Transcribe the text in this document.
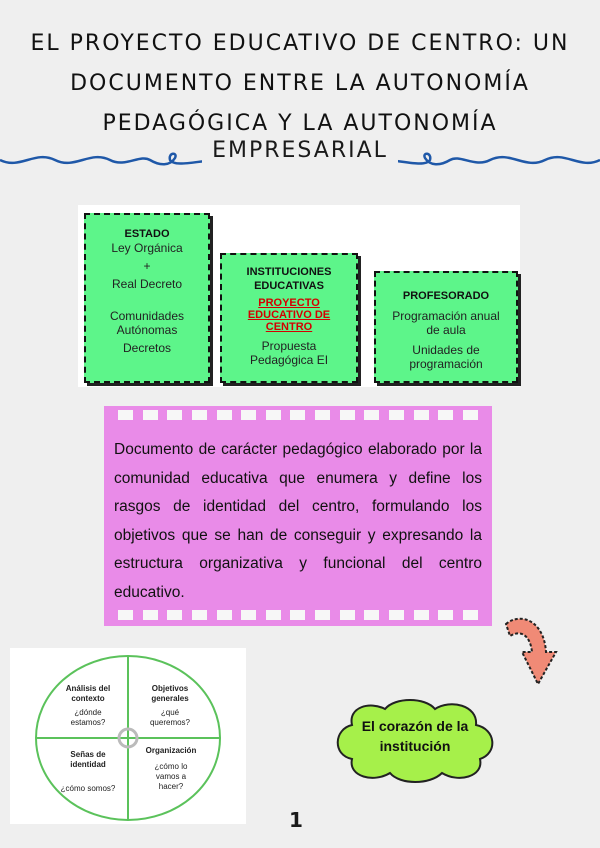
EL PROYECTO EDUCATIVO DE CENTRO: UN
DOCUMENTO ENTRE LA AUTONOMÍA
PEDAGÓGICA Y LA AUTONOMÍA
EMPRESARIAL
ESTADO
Ley Orgánica
+
Real Decreto
Comunidades
Autónomas
Decretos
INSTITUCIONES
EDUCATIVAS
PROYECTO
EDUCATIVO DE
CENTRO
Propuesta
Pedagógica EI
PROFESORADO
Programación anual
de aula
Unidades de
programación
Documento de carácter pedagógico elaborado por la comunidad educativa que enumera y define los rasgos de identidad del centro, formulando los objetivos que se han de conseguir y expresando la estructura organizativa y funcional del centro educativo.
El corazón de la
institución
Análisis del
contexto
¿dónde
estamos?
Objetivos
generales
¿qué
queremos?
Señas de
identidad
¿cómo somos?
Organización
¿cómo lo
vamos a
hacer?
1
